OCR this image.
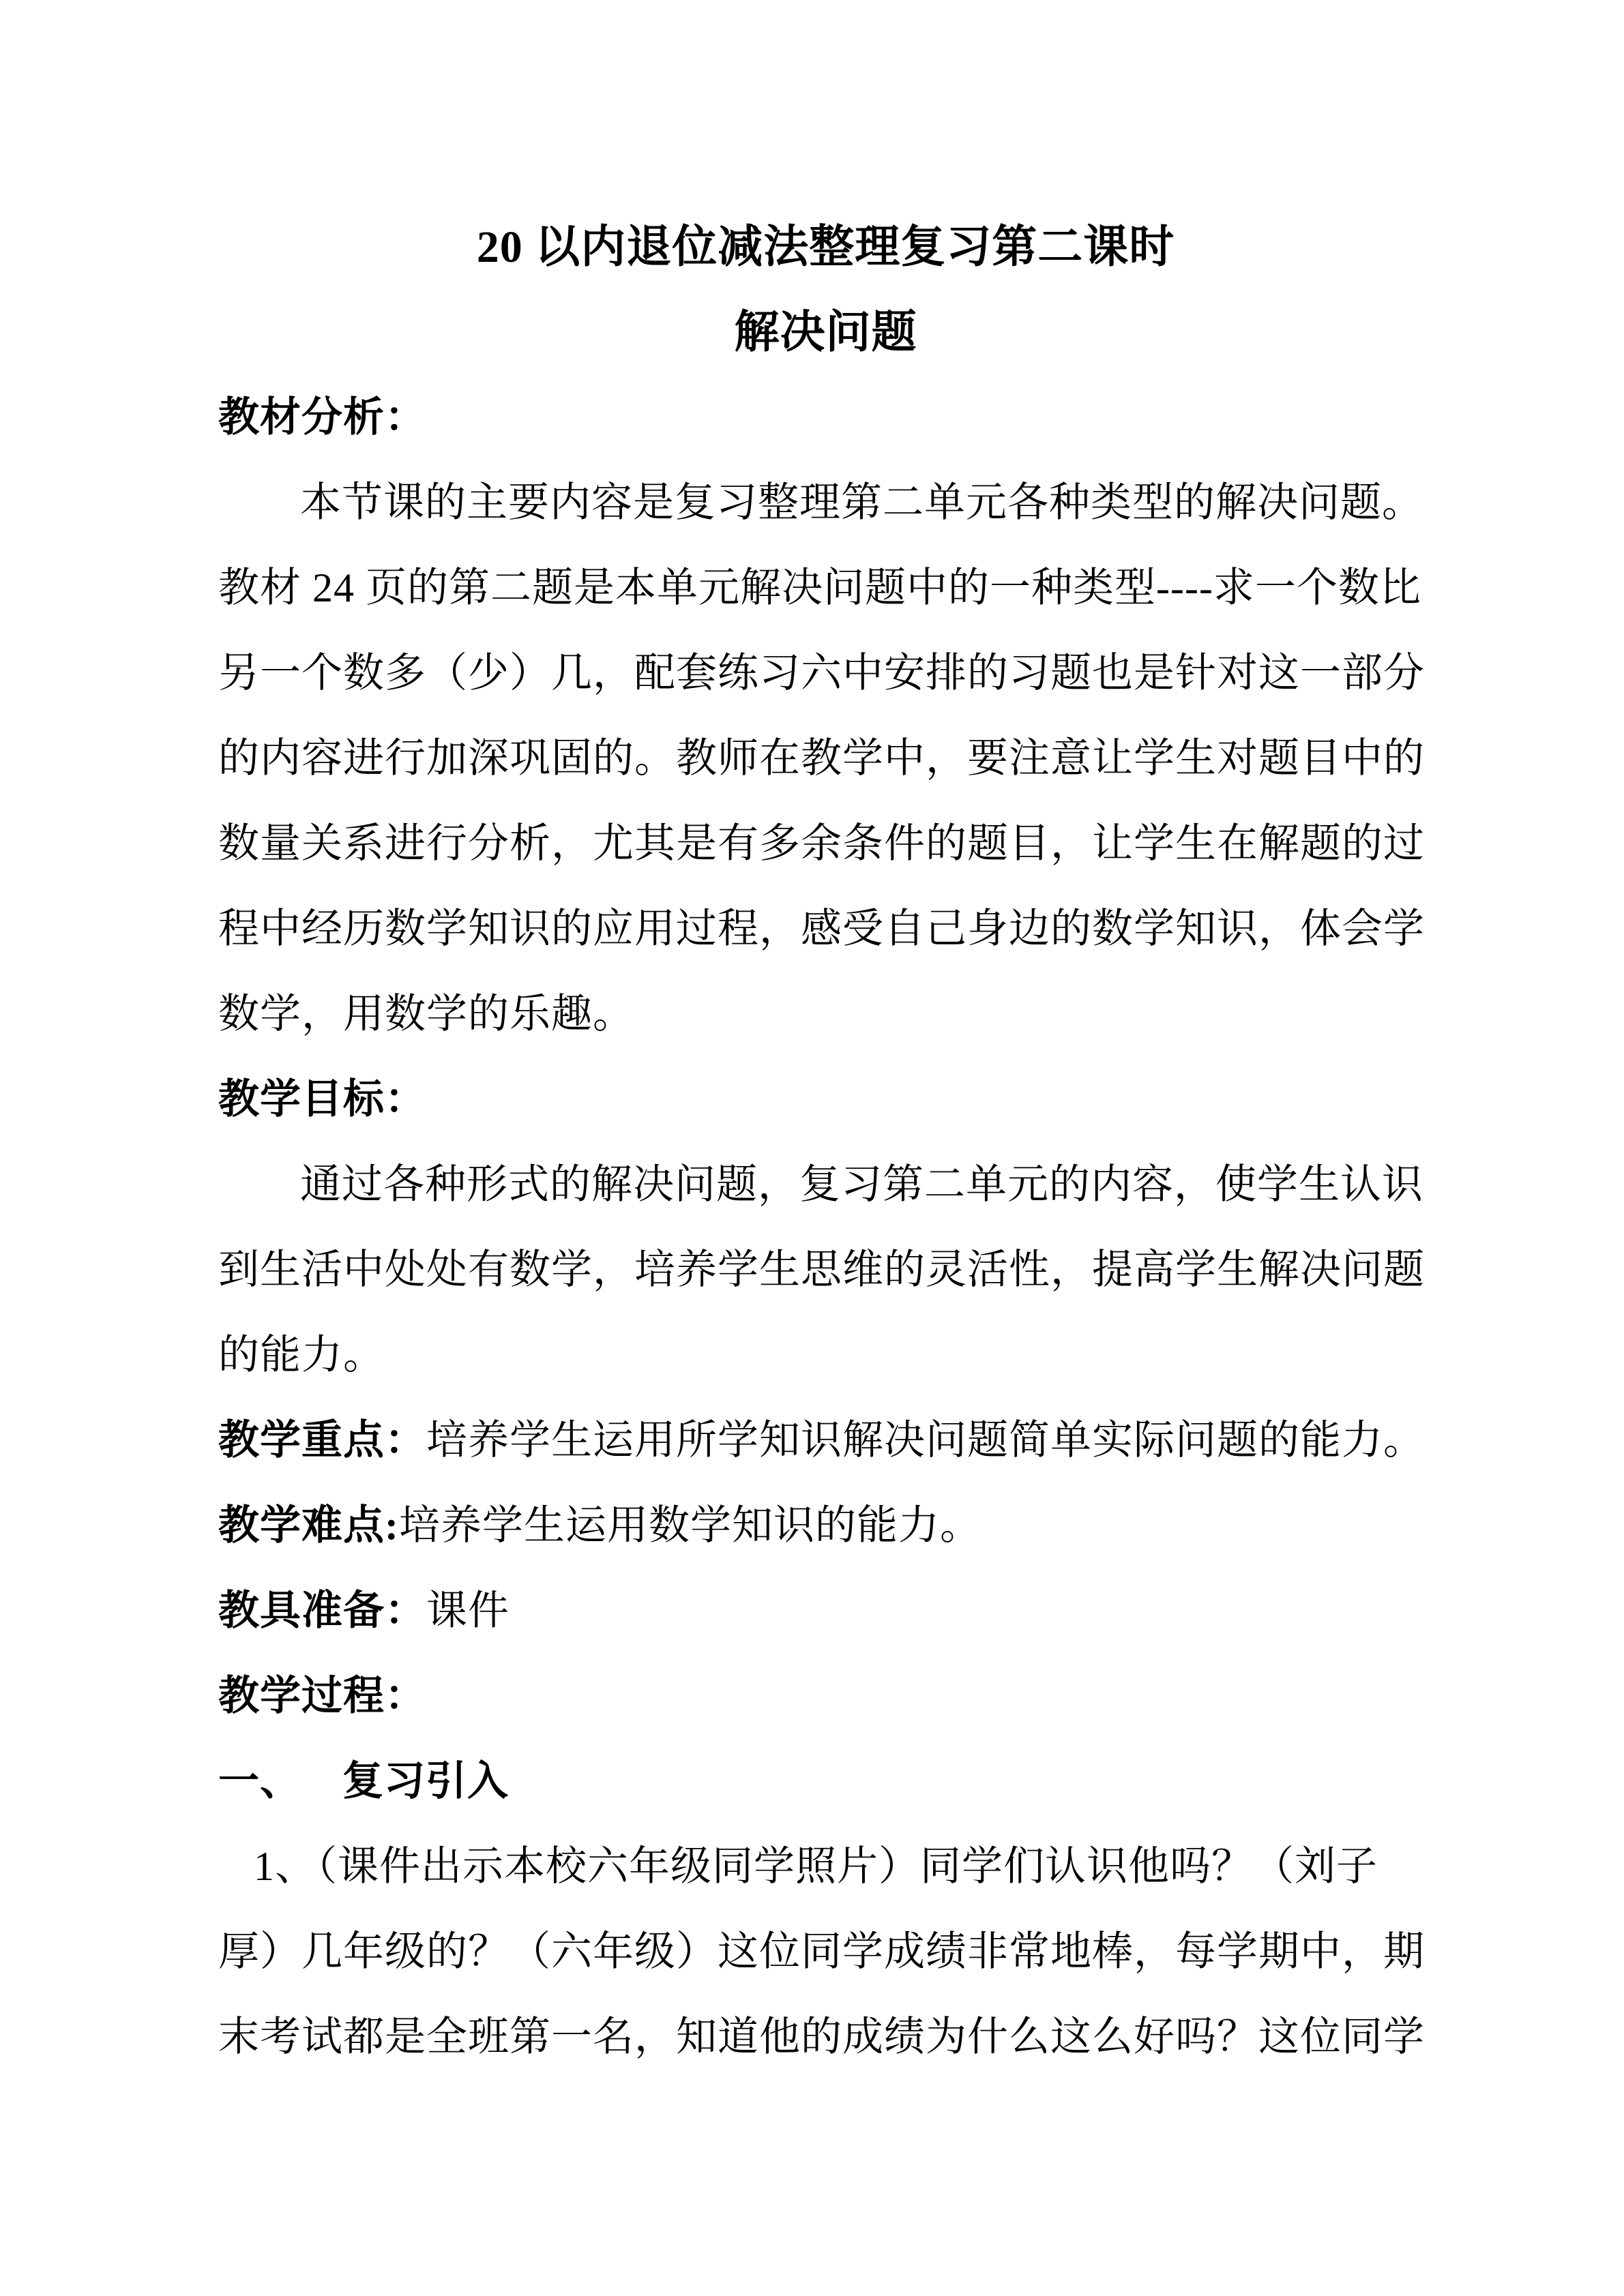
20 以内退位减法整理复习第二课时
解决问题
教材分析：
本节课的主要内容是复习整理第二单元各种类型的解决问题。
教材 24 页的第二题是本单元解决问题中的一种类型----求一个数比
另一个数多（少）几，配套练习六中安排的习题也是针对这一部分
的内容进行加深巩固的。教师在教学中，要注意让学生对题目中的
数量关系进行分析，尤其是有多余条件的题目，让学生在解题的过
程中经历数学知识的应用过程，感受自己身边的数学知识，体会学
数学，用数学的乐趣。
教学目标：
通过各种形式的解决问题，复习第二单元的内容，使学生认识
到生活中处处有数学，培养学生思维的灵活性，提高学生解决问题
的能力。
教学重点：培养学生运用所学知识解决问题简单实际问题的能力。
教学难点:培养学生运用数学知识的能力。
教具准备：课件
教学过程：
一、 复习引入
1、（课件出示本校六年级同学照片）同学们认识他吗？（刘子
厚）几年级的？（六年级）这位同学成绩非常地棒，每学期中，期
末考试都是全班第一名，知道他的成绩为什么这么好吗？这位同学
